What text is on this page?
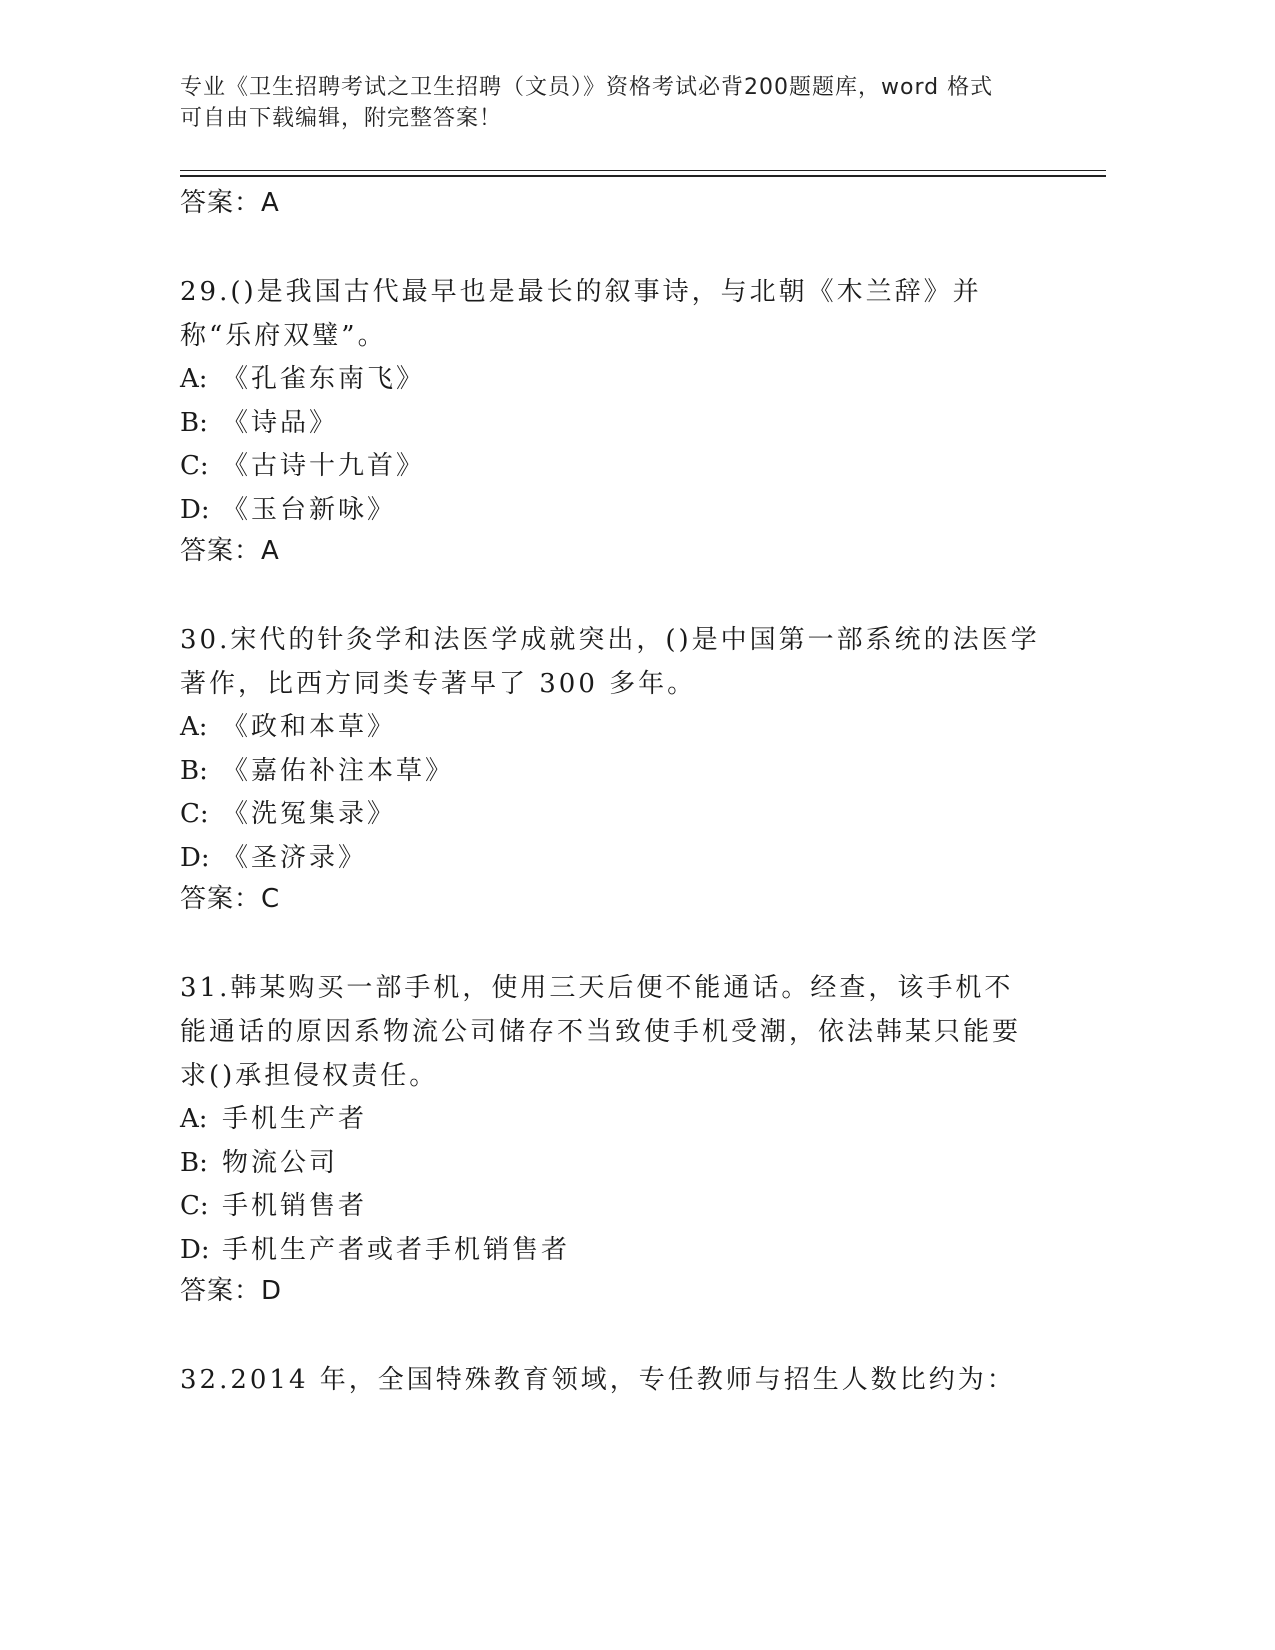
专业《卫生招聘考试之卫生招聘（文员）》资格考试必背200题题库，word 格式
可自由下载编辑，附完整答案！

答案：A

29.()是我国古代最早也是最长的叙事诗，与北朝《木兰辞》并称“乐府双璧”。

A: 《孔雀东南飞》

B: 《诗品》

C: 《古诗十九首》

D: 《玉台新咏》

答案：A

30.宋代的针灸学和法医学成就突出，()是中国第一部系统的法医学著作，比西方同类专著早了 300 多年。

A: 《政和本草》

B: 《嘉佑补注本草》

C: 《洗冤集录》

D: 《圣济录》

答案：C

31.韩某购买一部手机，使用三天后便不能通话。经查，该手机不能通话的原因系物流公司储存不当致使手机受潮，依法韩某只能要求()承担侵权责任。

A: 手机生产者

B: 物流公司

C: 手机销售者

D: 手机生产者或者手机销售者

答案：D

32.2014 年，全国特殊教育领域，专任教师与招生人数比约为：
